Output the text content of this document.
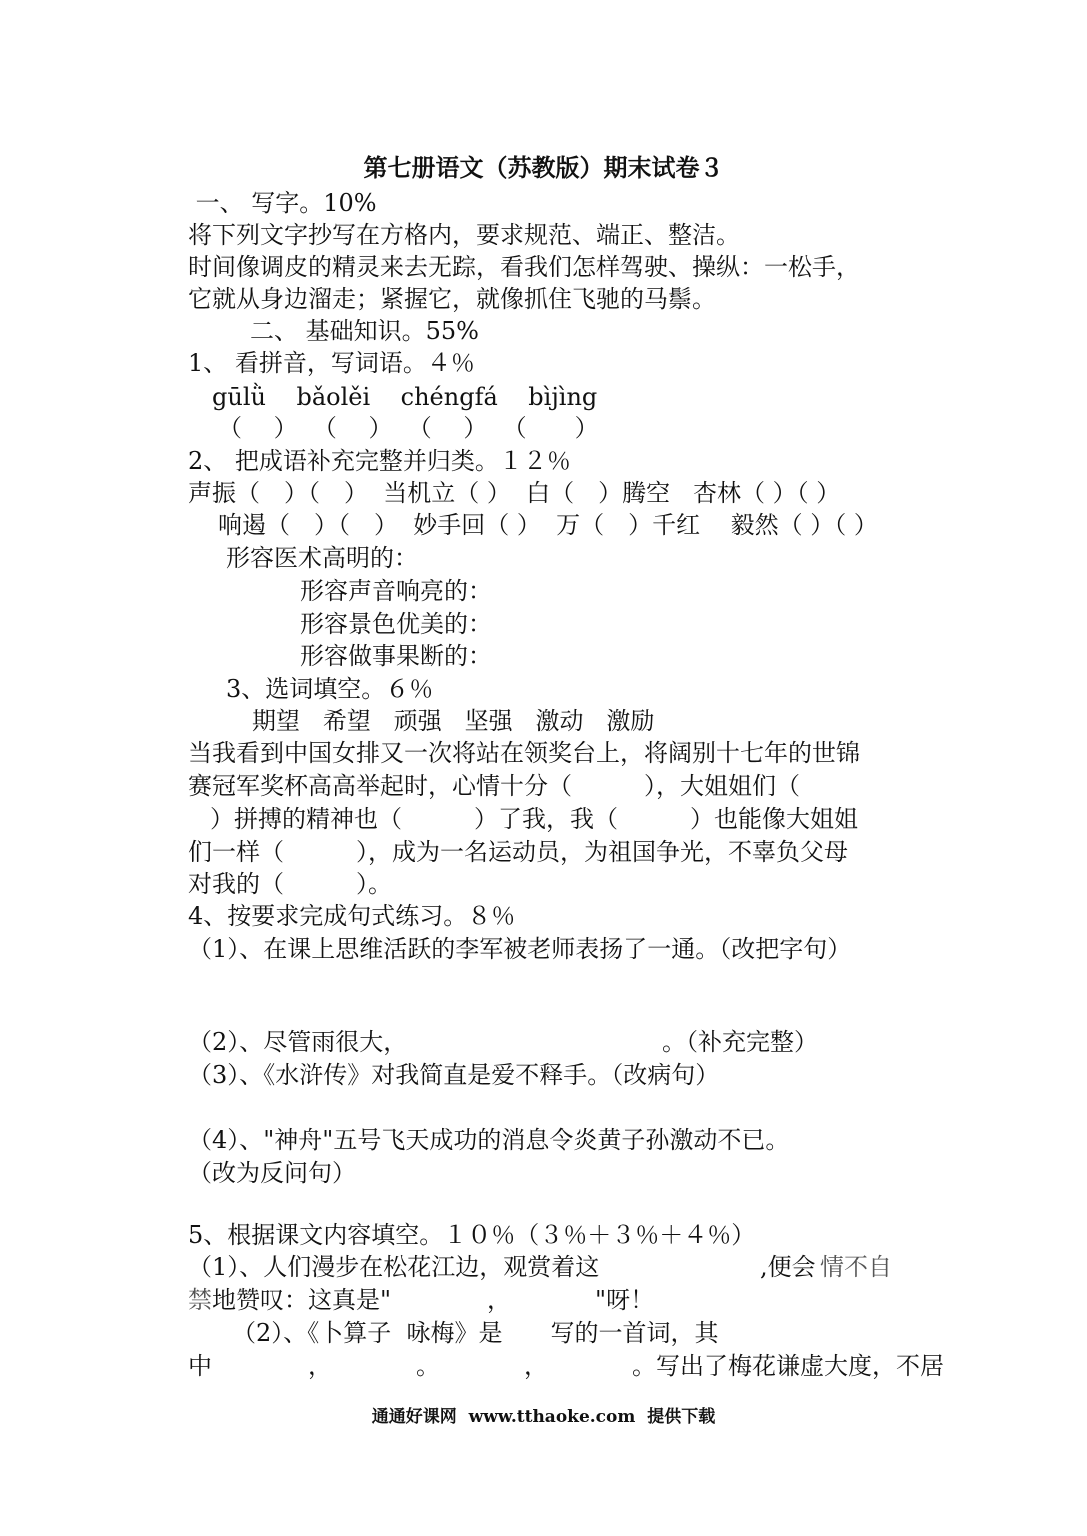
第七册语文（苏教版）期末试卷３
一、 写字。10%
将下列文字抄写在方格内，要求规范、端正、整洁。
时间像调皮的精灵来去无踪，看我们怎样驾驶、操纵：一松手，
它就从身边溜走；紧握它，就像抓住飞驰的马鬃。
二、 基础知识。55%
1、 看拼音，写词语。４％
gūlǜ    bǎolěi    chéngfá    bìjìng
（　 ）  （　 ）  （　 ）  （　　）
2、 把成语补充完整并归类。１２％
声振（　）（　）  当机立（ ）  白（　）腾空   杏林（ ）（ ）
响遏（　）（　）  妙手回（ ）  万（　）千红    毅然（ ）（ ）
形容医术高明的：
形容声音响亮的：
形容景色优美的：
形容做事果断的：
3、选词填空。６％
期望   希望   顽强   坚强   激动   激励
当我看到中国女排又一次将站在领奖台上，将阔别十七年的世锦
赛冠军奖杯高高举起时，心情十分（　　　），大姐姐们（
）拼搏的精神也（　　　）了我，我（　　　）也能像大姐姐
们一样（　　　），成为一名运动员，为祖国争光，不辜负父母
对我的（　　　）。
4、按要求完成句式练习。８％
（1）、在课上思维活跃的李军被老师表扬了一通。（改把字句）
（2）、尽管雨很大，	。（补充完整）
（3）、《水浒传》对我简直是爱不释手。（改病句）
（4）、"神舟"五号飞天成功的消息令炎黄子孙激动不已。
（改为反问句）
5、根据课文内容填空。１０％（３％＋３％＋４％）
（1）、人们漫步在松花江边，观赏着这	,便会 情不自
禁 地赞叹：这真是"　　　　，　　　　"呀！
（2）、《卜算子  咏梅》是　　写的一首词，其
中　　　　，　　　　。　　　　，　　　　。写出了梅花谦虚大度，不居
通通好课网  www.tthaoke.com  提供下载
